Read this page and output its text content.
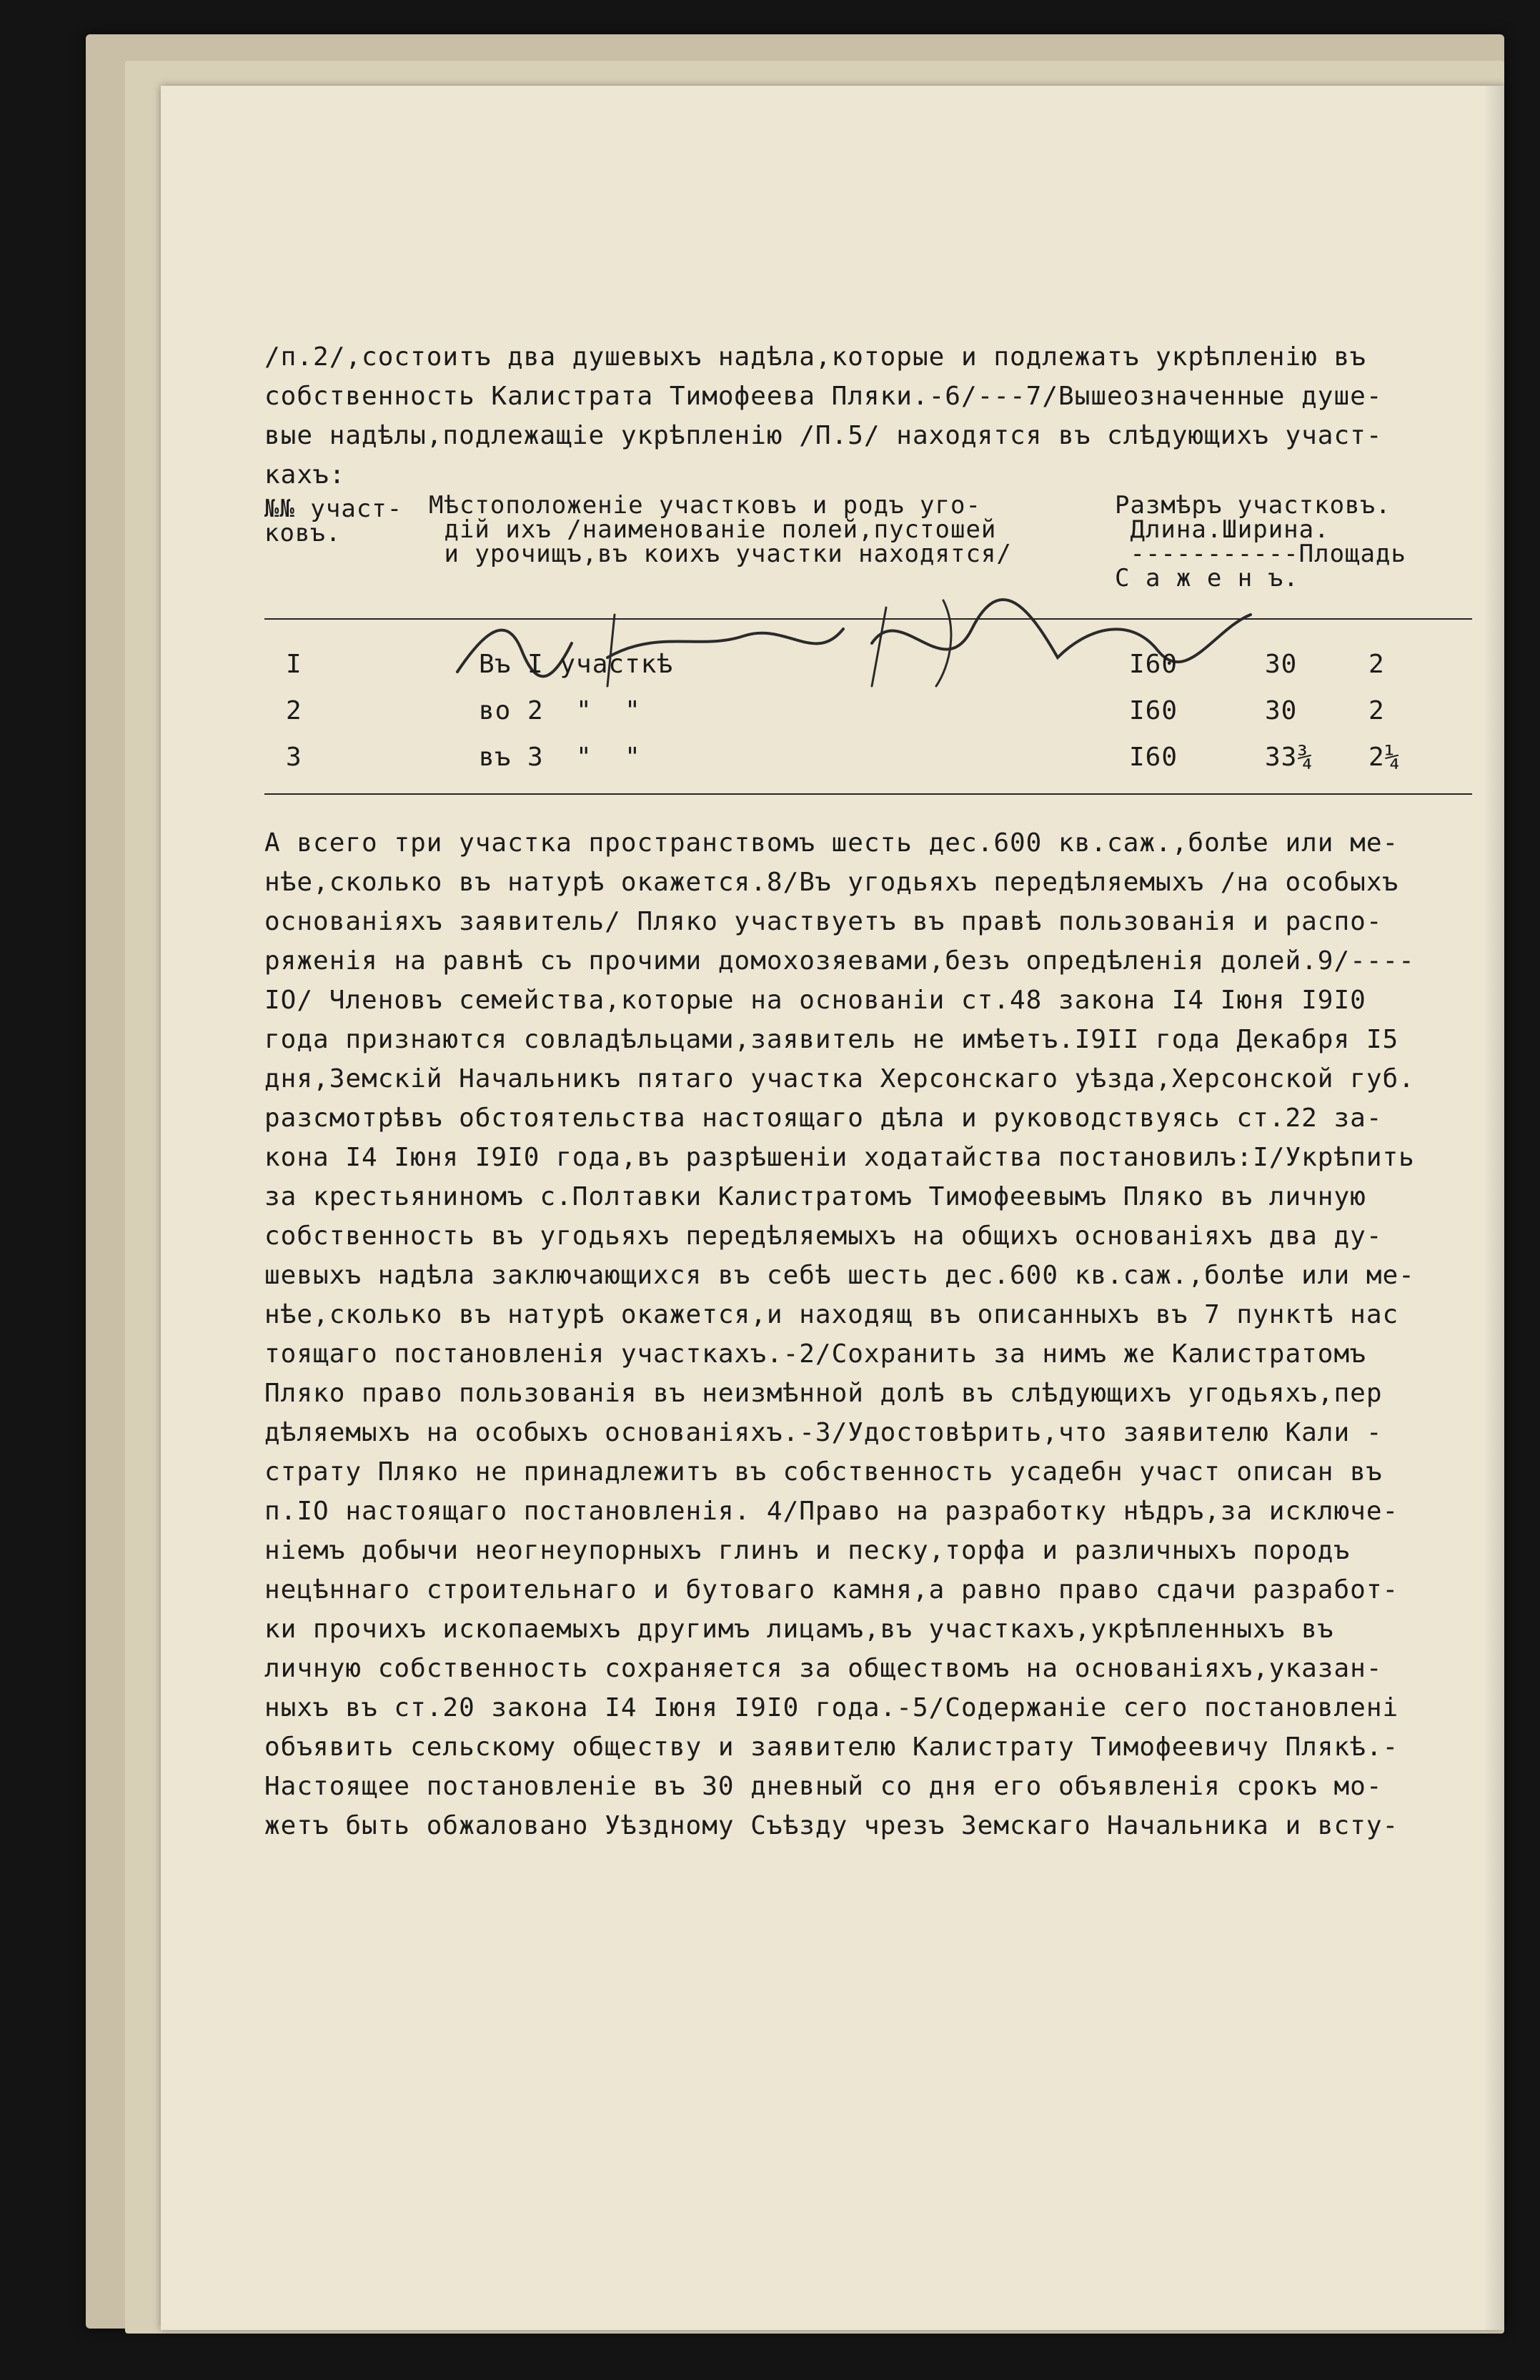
/п.2/,состоитъ два душевыхъ надѣла,которые и подлежатъ укрѣпленію въ
собственность Калистрата Тимофеева Пляки.-6/---7/Вышеозначенные душе-
вые надѣлы,подлежащіе укрѣпленію /П.5/ находятся въ слѣдующихъ участ-
кахъ:
№№ участ-
ковъ.
Мѣстоположеніе участковъ и родъ уго-
дій ихъ /наименованіе полей,пустошей
и урочищъ,въ коихъ участки находятся/
Размѣръ участковъ.
Длина.Ширина.
-----------Площадь
С а ж е н ъ.
I	Въ I участкѣ	I60	30	2
2	во 2  "  "	I60	30	2
3	въ 3  "  "	I60	33¾ 2¼
А всего три участка пространствомъ шесть дес.600 кв.саж.,болѣе или ме-
нѣе,сколько въ натурѣ окажется.8/Въ угодьяхъ передѣляемыхъ /на особыхъ
основаніяхъ заявитель/ Пляко участвуетъ въ правѣ пользованія и распо-
ряженія на равнѣ съ прочими домохозяевами,безъ опредѣленія долей.9/----
IО/ Членовъ семейства,которые на основаніи ст.48 закона I4 Іюня I9I0
года признаются совладѣльцами,заявитель не имѣетъ.I9II года Декабря I5
дня,Земскій Начальникъ пятаго участка Херсонскаго уѣзда,Херсонской губ.
разсмотрѣвъ обстоятельства настоящаго дѣла и руководствуясь ст.22 за-
кона I4 Іюня I9I0 года,въ разрѣшеніи ходатайства постановилъ:I/Укрѣпить
за крестьяниномъ с.Полтавки Калистратомъ Тимофеевымъ Пляко въ личную
собственность въ угодьяхъ передѣляемыхъ на общихъ основаніяхъ два ду-
шевыхъ надѣла заключающихся въ себѣ шесть дес.600 кв.саж.,болѣе или ме-
нѣе,сколько въ натурѣ окажется,и находящ въ описанныхъ въ 7 пунктѣ нас
тоящаго постановленія участкахъ.-2/Сохранить за нимъ же Калистратомъ
Пляко право пользованія въ неизмѣнной долѣ въ слѣдующихъ угодьяхъ,пер
дѣляемыхъ на особыхъ основаніяхъ.-3/Удостовѣрить,что заявителю Кали -
страту Пляко не принадлежитъ въ собственность усадебн участ описан въ
п.IО настоящаго постановленія. 4/Право на разработку нѣдръ,за исключе-
ніемъ добычи неогнеупорныхъ глинъ и песку,торфа и различныхъ породъ
нецѣннаго строительнаго и бутоваго камня,а равно право сдачи разработ-
ки прочихъ ископаемыхъ другимъ лицамъ,въ участкахъ,укрѣпленныхъ въ
личную собственность сохраняется за обществомъ на основаніяхъ,указан-
ныхъ въ ст.20 закона I4 Іюня I9I0 года.-5/Содержаніе сего постановлені
объявить сельскому обществу и заявителю Калистрату Тимофеевичу Плякѣ.-
Настоящее постановленіе въ 30 дневный со дня его объявленія срокъ мо-
жетъ быть обжаловано Уѣздному Съѣзду чрезъ Земскаго Начальника и всту-
